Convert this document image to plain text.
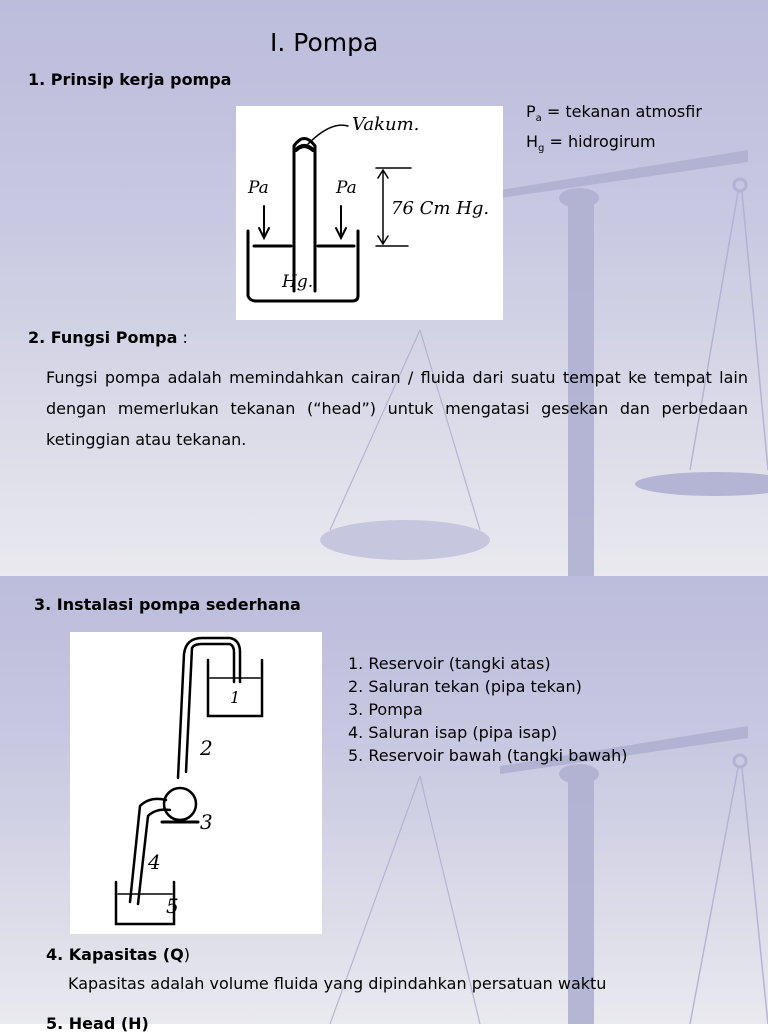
I. Pompa
1. Prinsip kerja pompa
Vakum.
Pa	Pa
76 Cm Hg.
Hg.
$P_a$ = tekanan atmosfir
$H_g$ = hidrogirum
2. Fungsi Pompa :
Fungsi pompa adalah memindahkan cairan / fluida dari suatu tempat ke tempat lain dengan memerlukan tekanan (“head”) untuk mengatasi gesekan dan perbedaan ketinggian atau tekanan.
3. Instalasi pompa sederhana
1
2
3
4
5
1. Reservoir (tangki atas)
2. Saluran tekan (pipa tekan)
3. Pompa
4. Saluran isap (pipa isap)
5. Reservoir bawah (tangki bawah)
4. Kapasitas (Q)
Kapasitas adalah volume fluida yang dipindahkan persatuan waktu
5. Head (H)
